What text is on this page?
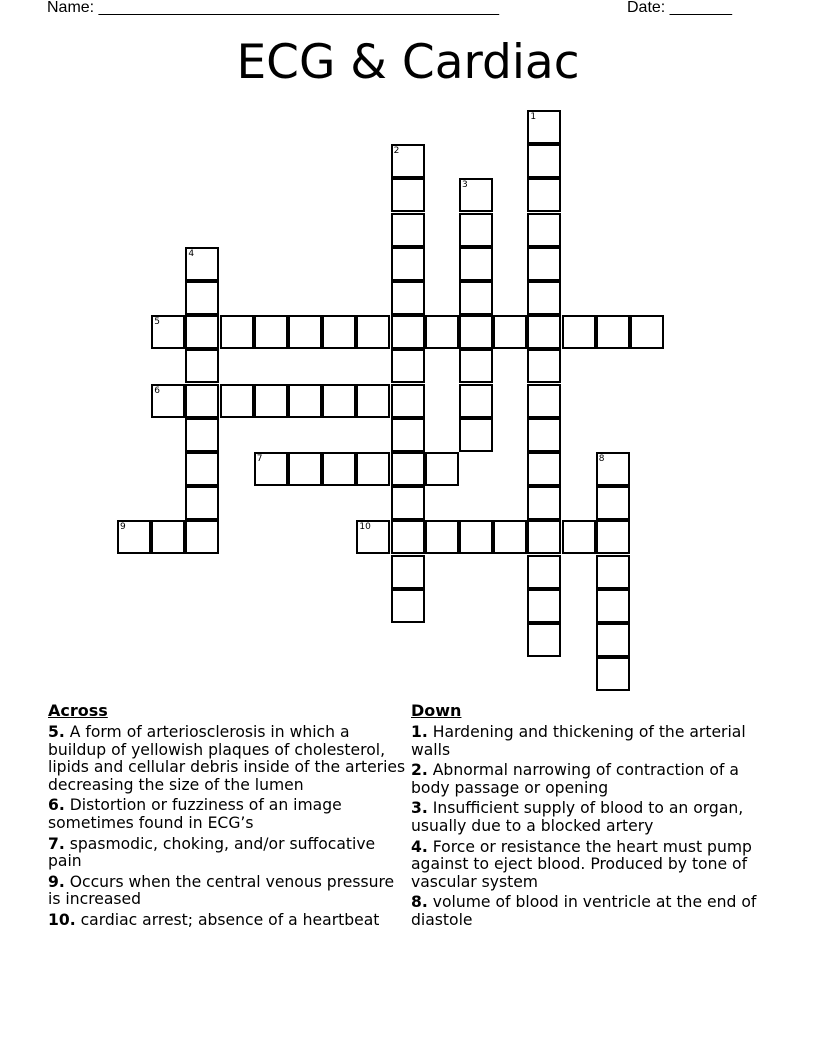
Name: _____________________________________________	Date: _______
ECG & Cardiac
1
2
3
4
5
6
7	8
9	10
Across
5. A form of arteriosclerosis in which a buildup of yellowish plaques of cholesterol, lipids and cellular debris inside of the arteries decreasing the size of the lumen
6. Distortion or fuzziness of an image sometimes found in ECG’s
7. spasmodic, choking, and/or suffocative pain
9. Occurs when the central venous pressure is increased
10. cardiac arrest; absence of a heartbeat
Down
1. Hardening and thickening of the arterial walls
2. Abnormal narrowing of contraction of a body passage or opening
3. Insufficient supply of blood to an organ, usually due to a blocked artery
4. Force or resistance the heart must pump against to eject blood. Produced by tone of vascular system
8. volume of blood in ventricle at the end of diastole
